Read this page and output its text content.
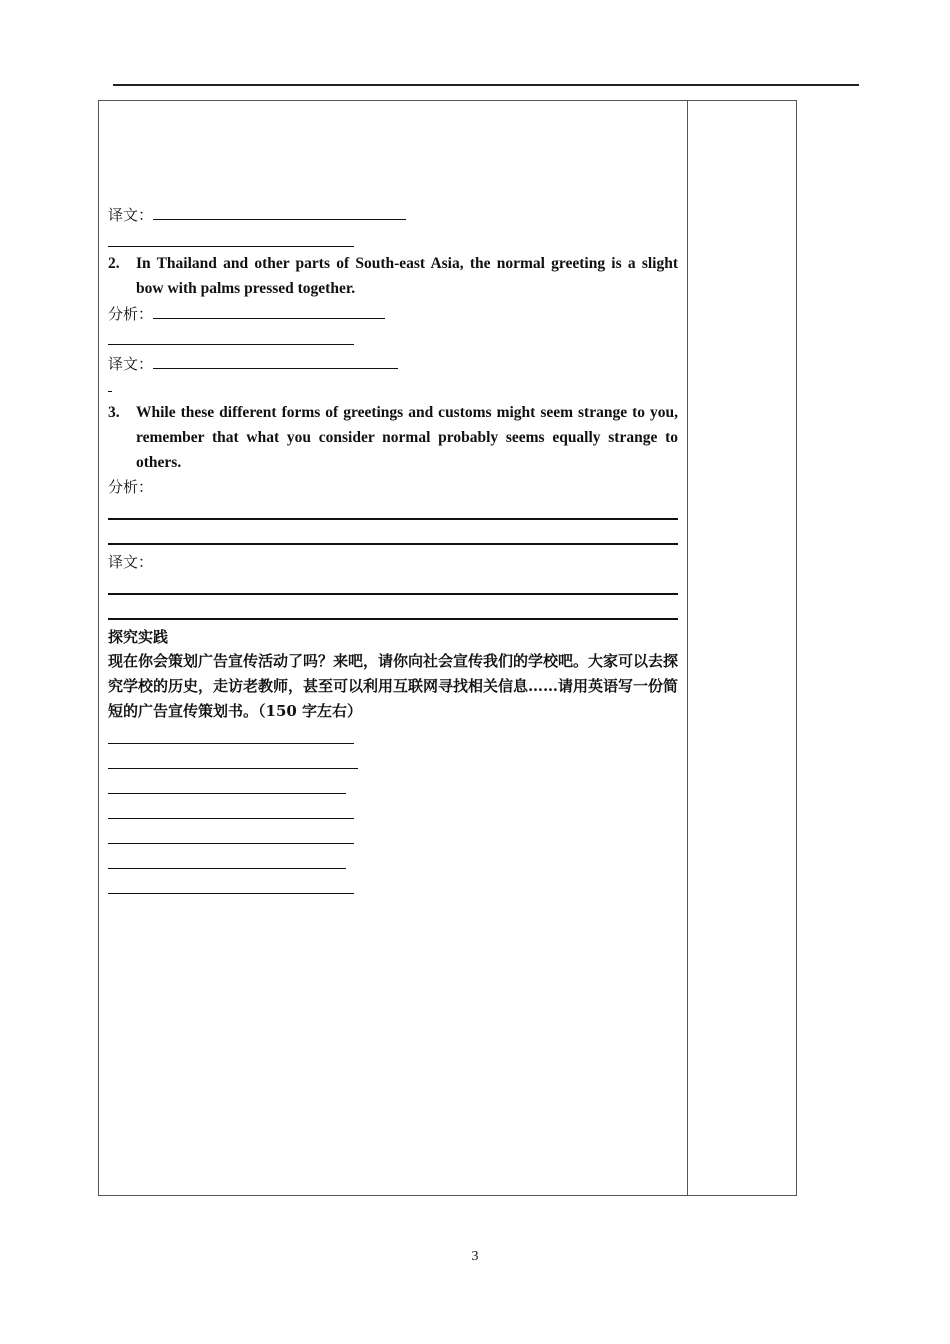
译文：
2. In Thailand and other parts of South-east Asia, the normal greeting is a slight bow with palms pressed together.
分析：
译文：
3. While these different forms of greetings and customs might seem strange to you, remember that what you consider normal probably seems equally strange to others.
分析：
译文：
探究实践
现在你会策划广告宣传活动了吗？来吧，请你向社会宣传我们的学校吧。大家可以去探究学校的历史，走访老教师，甚至可以利用互联网寻找相关信息……请用英语写一份简短的广告宣传策划书。（150 字左右）
3
